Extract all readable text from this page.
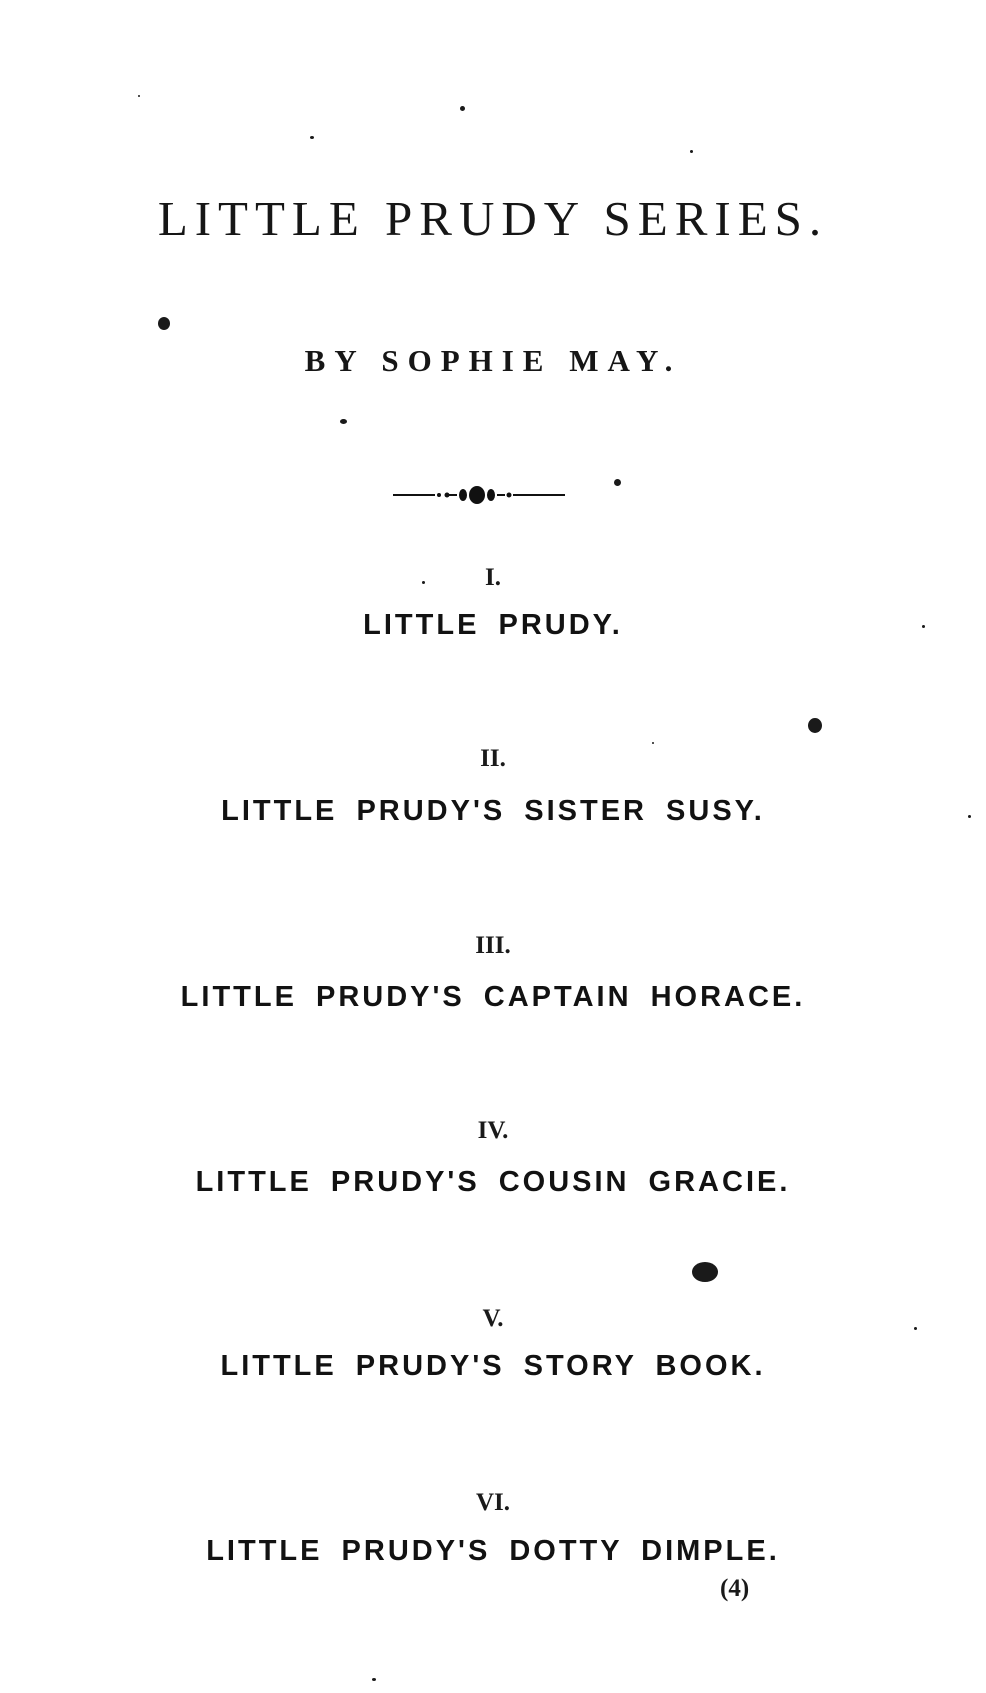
LITTLE PRUDY SERIES.
BY SOPHIE MAY.
I.
LITTLE PRUDY.
II.
LITTLE PRUDY'S SISTER SUSY.
III.
LITTLE PRUDY'S CAPTAIN HORACE.
IV.
LITTLE PRUDY'S COUSIN GRACIE.
V.
LITTLE PRUDY'S STORY BOOK.
VI.
LITTLE PRUDY'S DOTTY DIMPLE.
(4)
